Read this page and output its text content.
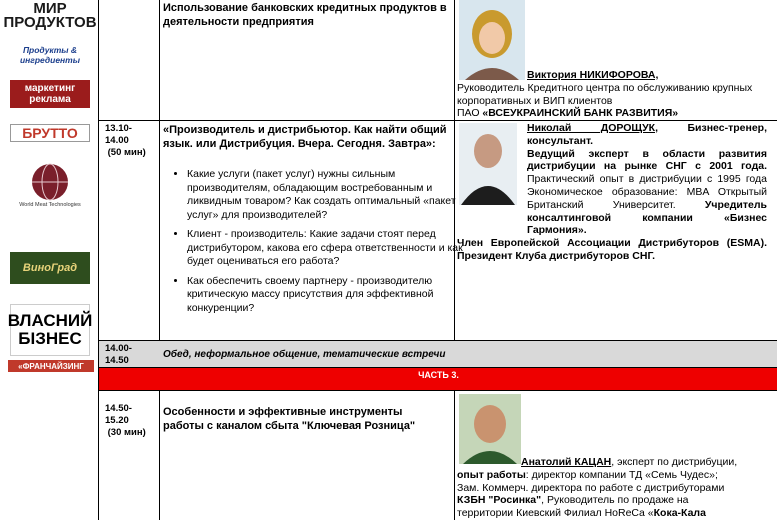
МИР ПРОДУКТОВ
Продукты & ингредиенты
маркетинг реклама
БРУТТО
World Meat Technologies
ВиноГрад
ВЛАСНИЙ БІЗНЕС
«ФРАНЧАЙЗИНГ
Использование банковских кредитных продуктов в деятельности предприятия
Виктория НИКИФОРОВА,
Руководитель Кредитного центра по обслуживанию крупных корпоративных и ВИП клиентов
ПАО «ВСЕУКРАИНСКИЙ БАНК РАЗВИТИЯ»
13.10-
14.00
(50 мин)
«Производитель и дистрибьютор. Как найти общий язык. или Дистрибуция. Вчера. Сегодня. Завтра»:
• Какие услуги (пакет услуг) нужны сильным производителям, обладающим востребованным и ликвидным товаром? Как создать оптимальный «пакет услуг» для производителей?
• Клиент - производитель: Какие задачи стоят перед дистрибутором, какова его сфера ответственности и как будет оцениваться его работа?
• Как обеспечить своему партнеру - производителю критическую массу присутствия для эффективной конкуренции?
Николай ДОРОЩУК, Бизнес-тренер, консультант.
Ведущий эксперт в области развития дистрибуции на рынке СНГ с 2001 года. Практический опыт в дистрибуции с 1995 года Экономическое образование: MBA Открытый Британский Университет. Учредитель консалтинговой компании «Бизнес Гармония».
Член Европейской Ассоциации Дистрибуторов (ESMA). Президент Клуба дистрибуторов СНГ.
14.00-
14.50
Обед, неформальное общение, тематические встречи
ЧАСТЬ 3.
14.50-
15.20
(30 мин)
Особенности и эффективные инструменты работы с каналом сбыта "Ключевая Розница"
Анатолий КАЦАН, эксперт по дистрибуции,
опыт работы: директор компании ТД «Семь Чудес»;
Зам. Коммерч. директора по работе с дистрибуторами
КЗБН "Росинка", Руководитель по продаже на
территории Киевский Филиал HoReCa «Кока-Кала
